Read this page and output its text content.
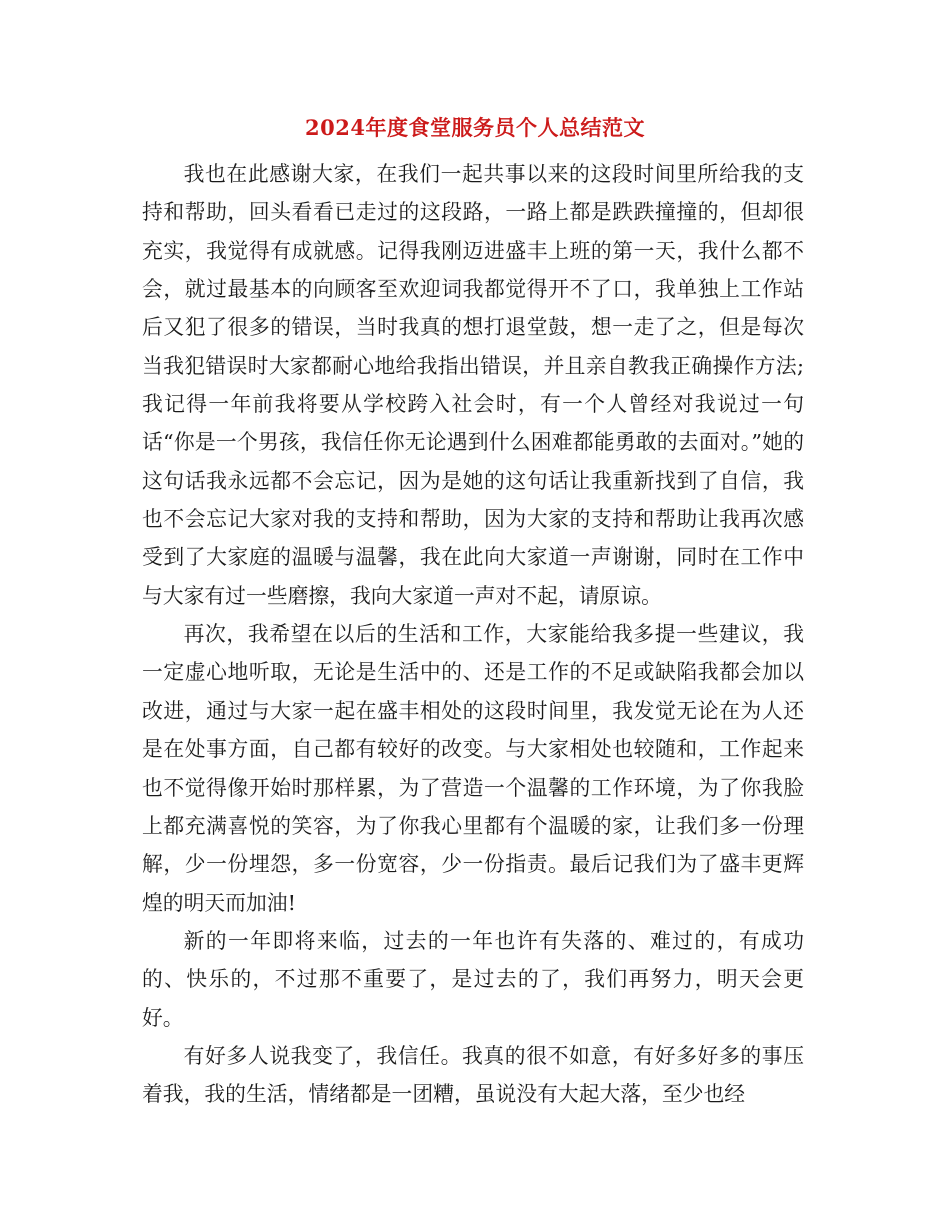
2024年度食堂服务员个人总结范文

我也在此感谢大家，在我们一起共事以来的这段时间里所给我的支持和帮助，回头看看已走过的这段路，一路上都是跌跌撞撞的，但却很充实，我觉得有成就感。记得我刚迈进盛丰上班的第一天，我什么都不会，就过最基本的向顾客至欢迎词我都觉得开不了口，我单独上工作站后又犯了很多的错误，当时我真的想打退堂鼓，想一走了之，但是每次当我犯错误时大家都耐心地给我指出错误，并且亲自教我正确操作方法;我记得一年前我将要从学校跨入社会时，有一个人曾经对我说过一句话“你是一个男孩，我信任你无论遇到什么困难都能勇敢的去面对。”她的这句话我永远都不会忘记，因为是她的这句话让我重新找到了自信，我也不会忘记大家对我的支持和帮助，因为大家的支持和帮助让我再次感受到了大家庭的温暖与温馨，我在此向大家道一声谢谢，同时在工作中与大家有过一些磨擦，我向大家道一声对不起，请原谅。

再次，我希望在以后的生活和工作，大家能给我多提一些建议，我一定虚心地听取，无论是生活中的、还是工作的不足或缺陷我都会加以改进，通过与大家一起在盛丰相处的这段时间里，我发觉无论在为人还是在处事方面，自己都有较好的改变。与大家相处也较随和，工作起来也不觉得像开始时那样累，为了营造一个温馨的工作环境，为了你我脸上都充满喜悦的笑容，为了你我心里都有个温暖的家，让我们多一份理解，少一份埋怨，多一份宽容，少一份指责。最后记我们为了盛丰更辉煌的明天而加油!

新的一年即将来临，过去的一年也许有失落的、难过的，有成功的、快乐的，不过那不重要了，是过去的了，我们再努力，明天会更好。

有好多人说我变了，我信任。我真的很不如意，有好多好多的事压着我，我的生活，情绪都是一团糟，虽说没有大起大落，至少也经
